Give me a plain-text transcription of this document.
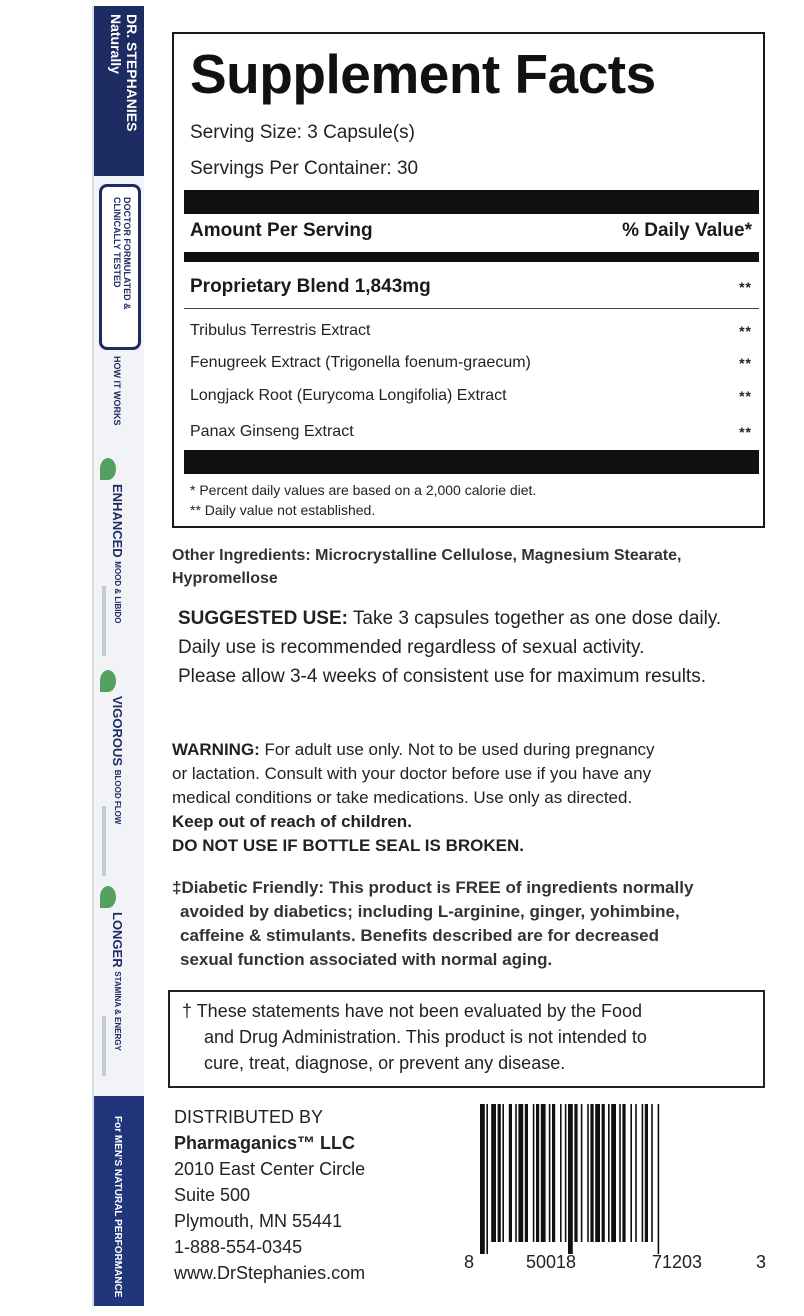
DR. STEPHANIES Naturally
DOCTOR FORMULATED & CLINICALLY TESTED
HOW IT WORKS
ENHANCED MOOD & LIBIDO
VIGOROUS BLOOD FLOW
LONGER STAMINA & ENERGY
For MEN'S NATURAL PERFORMANCE
Supplement Facts
Serving Size: 3 Capsule(s)
Servings Per Container: 30
Amount Per Serving	% Daily Value*
Proprietary Blend 1,843mg	**
Tribulus Terrestris Extract	**
Fenugreek Extract (Trigonella foenum-graecum)	**
Longjack Root (Eurycoma Longifolia) Extract	**
Panax Ginseng Extract	**
* Percent daily values are based on a 2,000 calorie diet.
** Daily value not established.
Other Ingredients: Microcrystalline Cellulose, Magnesium Stearate,
Hypromellose
SUGGESTED USE: Take 3 capsules together as one dose daily.
Daily use is recommended regardless of sexual activity.
Please allow 3-4 weeks of consistent use for maximum results.
WARNING: For adult use only. Not to be used during pregnancy
or lactation. Consult with your doctor before use if you have any
medical conditions or take medications. Use only as directed.
Keep out of reach of children.
DO NOT USE IF BOTTLE SEAL IS BROKEN.
‡Diabetic Friendly: This product is FREE of ingredients normally
avoided by diabetics; including L-arginine, ginger, yohimbine,
caffeine & stimulants. Benefits described are for decreased
sexual function associated with normal aging.
† These statements have not been evaluated by the Food
and Drug Administration. This product is not intended to
cure, treat, diagnose, or prevent any disease.
DISTRIBUTED BY
Pharmaganics™ LLC
2010 East Center Circle
Suite 500
Plymouth, MN 55441
1-888-554-0345
www.DrStephanies.com
8	50018	71203	3
